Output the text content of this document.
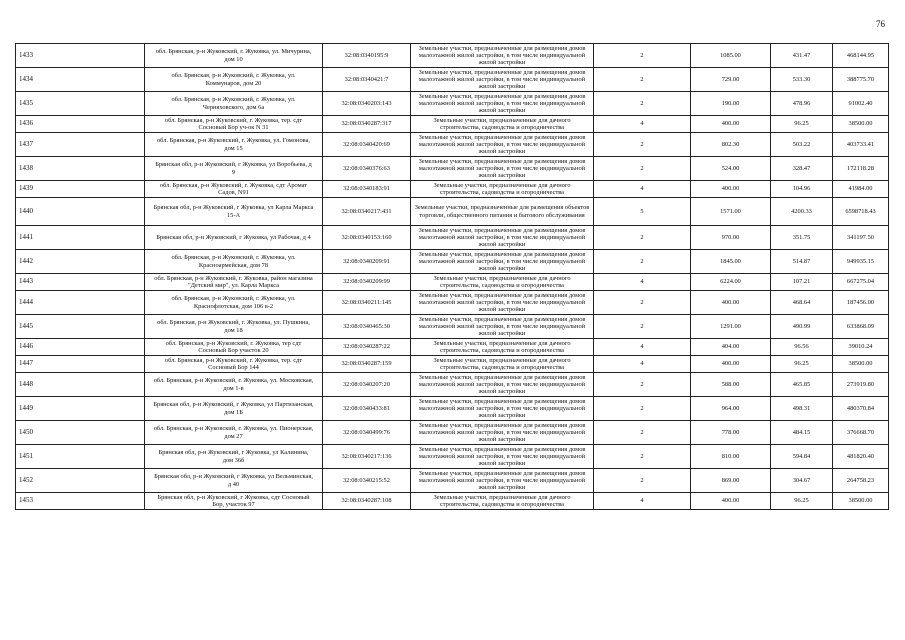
76
1433	обл. Брянская, р-н Жуковский, г. Жуковка, ул. Мичурина, дом 10	32:08:0340195:9	Земельные участки, предназначенные для размещения домов малоэтажной жилой застройки, в том числе индивидуальной жилой застройки	2	1085.00	431.47	468144.95
1434	обл. Брянская, р-н Жуковский, г. Жуковка, ул. Коммунаров, дом 20	32:08:0340421:7	Земельные участки, предназначенные для размещения домов малоэтажной жилой застройки, в том числе индивидуальной жилой застройки	2	729.00	533.30	388775.70
1435	обл. Брянская, р-н Жуковский, г. Жуковка, ул. Черняховского, дом 6а	32:08:0340203:143	Земельные участки, предназначенные для размещения домов малоэтажной жилой застройки, в том числе индивидуальной жилой застройки	2	190.00	478.96	91002.40
1436	обл. Брянская, р-н Жуковский, г. Жуковка, тер. сдт Сосновый Бор уч-ок N 31	32:08:0340287:317	Земельные участки, предназначенные для дачного строительства, садоводства и огородничества	4	400.00	96.25	38500.00
1437	обл. Брянская, р-н Жуковский, г. Жуковка, ул. Гомонова, дом 15	32:08:0340420:69	Земельные участки, предназначенные для размещения домов малоэтажной жилой застройки, в том числе индивидуальной жилой застройки	2	802.30	503.22	403733.41
1438	Брянская обл, р-н Жуковский, г Жуковка, ул Воробьева, д 9	32:08:0340376:63	Земельные участки, предназначенные для размещения домов малоэтажной жилой застройки, в том числе индивидуальной жилой застройки	2	524.00	328.47	172118.28
1439	обл. Брянская, р-н Жуковский, г. Жуковка, сдт Аромат Садов, N91	32:08:0340183:91	Земельные участки, предназначенные для дачного строительства, садоводства и огородничества	4	400.00	104.96	41984.00
1440	Брянская обл, р-н Жуковский, г Жуковка, ул Карла Маркса 15-А	32:08:0340217:431	Земельные участки, предназначенные для размещения объектов торговли, общественного питания и бытового обслуживания	5	1571.00	4200.33	6598718.43
1441	Брянская обл, р-н Жуковский, г Жуковка, ул Рабочая, д 4	32:08:0340153:160	Земельные участки, предназначенные для размещения домов малоэтажной жилой застройки, в том числе индивидуальной жилой застройки	2	970.00	351.75	341197.50
1442	обл. Брянская, р-н Жуковский, г. Жуковка, ул. Красноармейская, дом 78	32:08:0340209:91	Земельные участки, предназначенные для размещения домов малоэтажной жилой застройки, в том числе индивидуальной жилой застройки	2	1845.00	514.87	949935.15
1443	обл. Брянская, р-н Жуковский, г. Жуковка, район магазина "Детский мир", ул. Карла Маркса	32:08:0340209:99	Земельные участки, предназначенные для дачного строительства, садоводства и огородничества	4	6224.00	107.21	667275.04
1444	обл. Брянская, р-н Жуковский, г. Жуковка, ул. Краснофлотская, дом 106 в-2	32:08:0340211:145	Земельные участки, предназначенные для размещения домов малоэтажной жилой застройки, в том числе индивидуальной жилой застройки	2	400.00	468.64	187456.00
1445	обл. Брянская, р-н Жуковский, г. Жуковка, ул. Пушкина, дом 18	32:08:0340465:30	Земельные участки, предназначенные для размещения домов малоэтажной жилой застройки, в том числе индивидуальной жилой застройки	2	1291.00	490.99	633868.09
1446	обл. Брянская, р-н Жуковский, г. Жуковка, тер сдт Сосновый Бор участок 20	32:08:0340287:22	Земельные участки, предназначенные для дачного строительства, садоводства и огородничества	4	404.00	96.56	39010.24
1447	обл. Брянская, р-н Жуковский, г. Жуковка, тер. сдт Сосновый Бор 144	32:08:0340287:159	Земельные участки, предназначенные для дачного строительства, садоводства и огородничества	4	400.00	96.25	38500.00
1448	обл. Брянская, р-н Жуковский, г. Жуковка, ул. Московская, дом 1-в	32:08:0340207:20	Земельные участки, предназначенные для размещения домов малоэтажной жилой застройки, в том числе индивидуальной жилой застройки	2	588.00	465.85	273919.80
1449	Брянская обл, р-н Жуковский, г Жуковка, ул Партизанская, дом 1Б	32:08:0340433:81	Земельные участки, предназначенные для размещения домов малоэтажной жилой застройки, в том числе индивидуальной жилой застройки	2	964.00	498.31	480370.84
1450	обл. Брянская, р-н Жуковский, г. Жуковка, ул. Пионерская, дом 27	32:08:0340499:76	Земельные участки, предназначенные для размещения домов малоэтажной жилой застройки, в том числе индивидуальной жилой застройки	2	778.00	484.15	376668.70
1451	Брянская обл, р-н Жуковский, г Жуковка, ул Калинина, дом 36б	32:08:0340217:136	Земельные участки, предназначенные для размещения домов малоэтажной жилой застройки, в том числе индивидуальной жилой застройки	2	810.00	594.84	481820.40
1452	Брянская обл, р-н Жуковский, г Жуковка, ул Вельминская, д 40	32:08:0340215:52	Земельные участки, предназначенные для размещения домов малоэтажной жилой застройки, в том числе индивидуальной жилой застройки	2	869.00	304.67	264758.23
1453	Брянская обл, р-н Жуковский, г Жуковка, сдт Сосновый Бор, участок 97	32:08:0340287:108	Земельные участки, предназначенные для дачного строительства, садоводства и огородничества	4	400.00	96.25	38500.00
